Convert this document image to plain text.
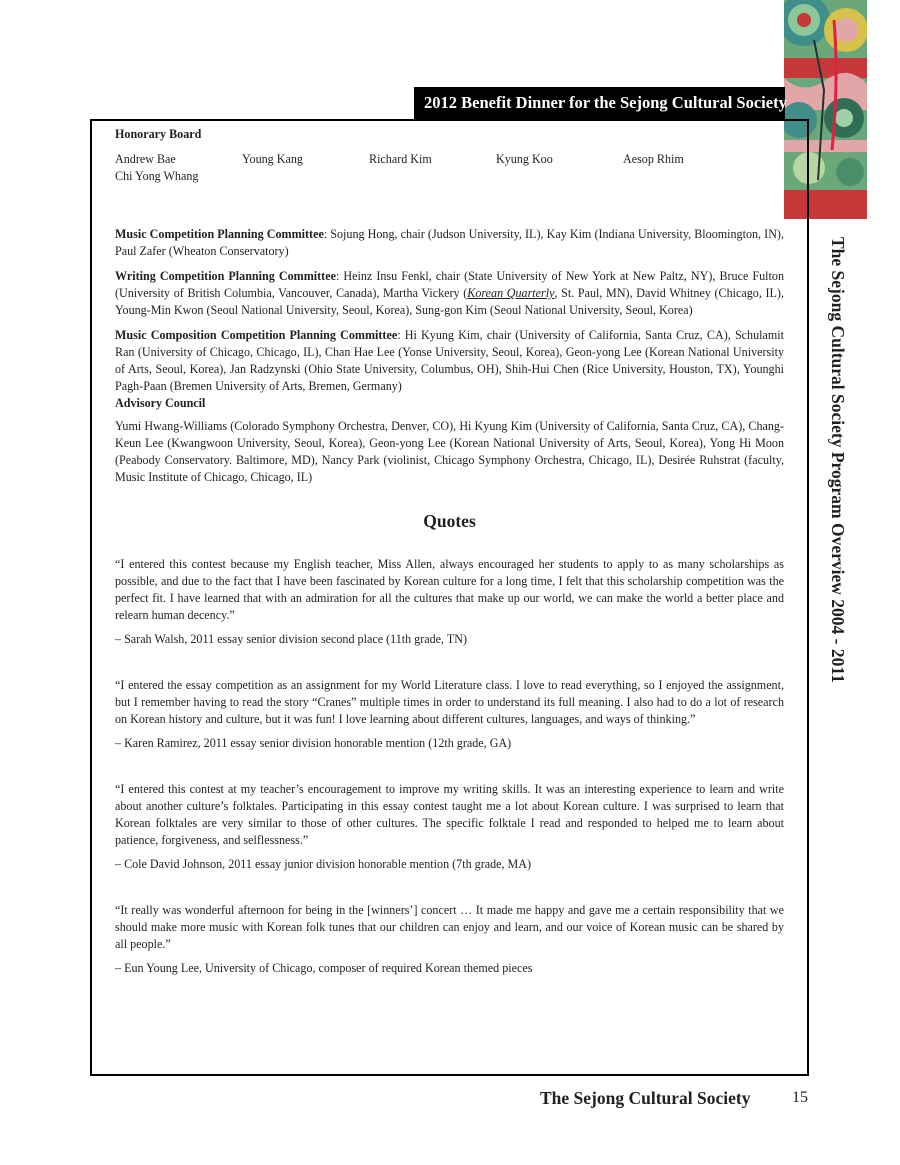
2012 Benefit Dinner for the Sejong Cultural Society
The Sejong Cultural Society Program Overview 2004 - 2011

Honorary Board

Andrew Bae	Young Kang	Richard Kim	Kyung Koo	Aesop Rhim
Chi Yong Whang

Music Competition Planning Committee: Sojung Hong, chair (Judson University, IL), Kay Kim (Indiana University, Bloomington, IN), Paul Zafer (Wheaton Conservatory)

Writing Competition Planning Committee: Heinz Insu Fenkl, chair (State University of New York at New Paltz, NY), Bruce Fulton (University of British Columbia, Vancouver, Canada), Martha Vickery (Korean Quarterly, St. Paul, MN), David Whitney (Chicago, IL), Young-Min Kwon (Seoul National University, Seoul, Korea), Sung-gon Kim (Seoul National University, Seoul, Korea)

Music Composition Competition Planning Committee: Hi Kyung Kim, chair (University of California, Santa Cruz, CA), Schulamit Ran (University of Chicago, Chicago, IL), Chan Hae Lee (Yonse University, Seoul, Korea), Geon-yong Lee (Korean National University of Arts, Seoul, Korea), Jan Radzynski (Ohio State University, Columbus, OH), Shih-Hui Chen (Rice University, Houston, TX), Younghi Pagh-Paan (Bremen University of Arts, Bremen, Germany)

Advisory Council

Yumi Hwang-Williams (Colorado Symphony Orchestra, Denver, CO), Hi Kyung Kim (University of California, Santa Cruz, CA), Chang-Keun Lee (Kwangwoon University, Seoul, Korea), Geon-yong Lee (Korean National University of Arts, Seoul, Korea), Yong Hi Moon (Peabody Conservatory. Baltimore, MD), Nancy Park (violinist, Chicago Symphony Orchestra, Chicago, IL), Desirée Ruhstrat (faculty, Music Institute of Chicago, Chicago, IL)

Quotes

“I entered this contest because my English teacher, Miss Allen, always encouraged her students to apply to as many scholarships as possible, and due to the fact that I have been fascinated by Korean culture for a long time, I felt that this scholarship competition was the perfect fit. I have learned that with an admiration for all the cultures that make up our world, we can make the world a better place and relearn human decency.”

– Sarah Walsh, 2011 essay senior division second place (11th grade, TN)

“I entered the essay competition as an assignment for my World Literature class. I love to read everything, so I enjoyed the assignment, but I remember having to read the story “Cranes” multiple times in order to understand its full meaning. I also had to do a lot of research on Korean history and culture, but it was fun! I love learning about different cultures, languages, and ways of thinking.”

– Karen Ramirez, 2011 essay senior division honorable mention (12th grade, GA)

“I entered this contest at my teacher’s encouragement to improve my writing skills. It was an interesting experience to learn and write about another culture’s folktales. Participating in this essay contest taught me a lot about Korean culture. I was surprised to learn that Korean folktales are very similar to those of other cultures. The specific folktale I read and responded to helped me to learn about patience, forgiveness, and selflessness.”

– Cole David Johnson, 2011 essay junior division honorable mention (7th grade, MA)

“It really was wonderful afternoon for being in the [winners’] concert … It made me happy and gave me a certain responsibility that we should make more music with Korean folk tunes that our children can enjoy and learn, and our voice of Korean music can be shared by all people.”

– Eun Young Lee, University of Chicago, composer of required Korean themed pieces

The Sejong Cultural Society	15
